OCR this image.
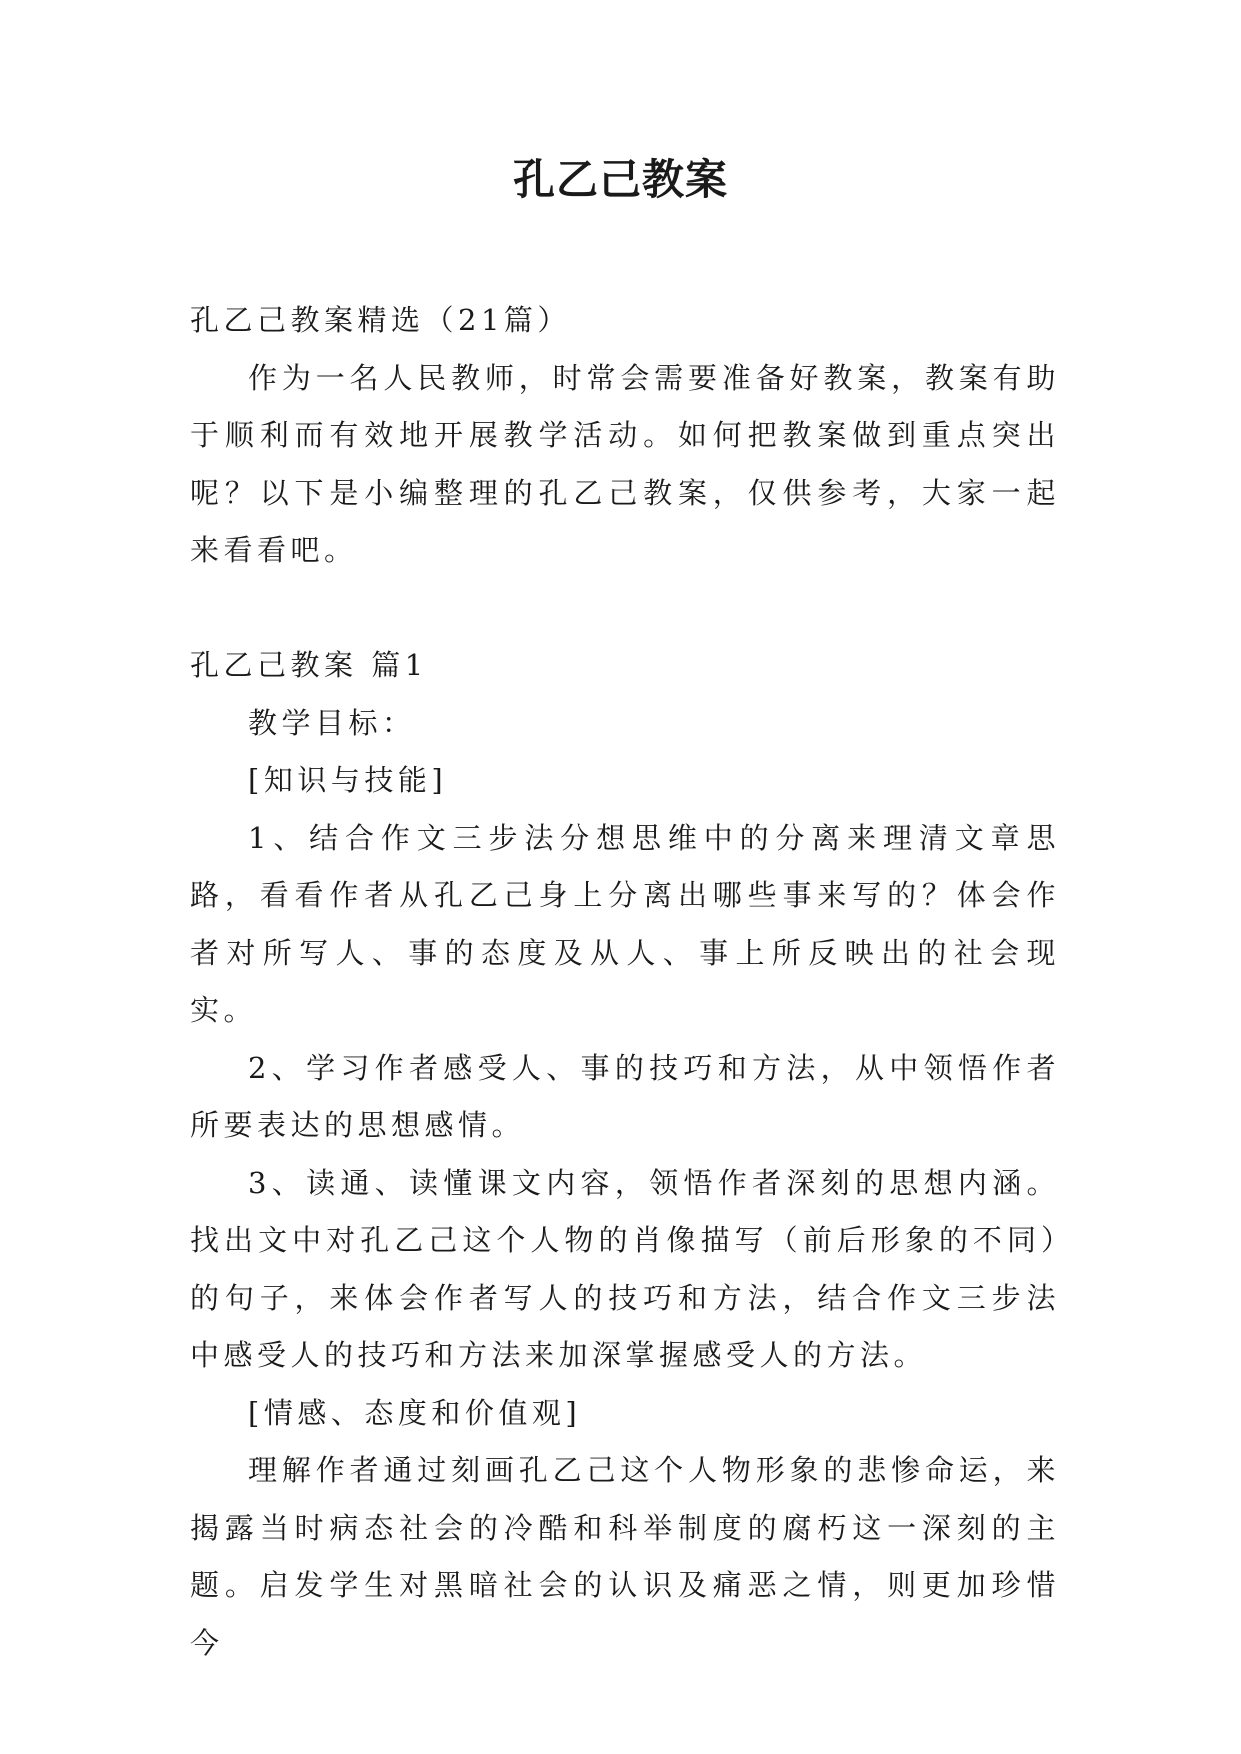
孔乙己教案

孔乙己教案精选（21篇）

作为一名人民教师，时常会需要准备好教案，教案有助于顺利而有效地开展教学活动。如何把教案做到重点突出呢？以下是小编整理的孔乙己教案，仅供参考，大家一起来看看吧。

孔乙己教案 篇1

教学目标：

[知识与技能]

1、结合作文三步法分想思维中的分离来理清文章思路，看看作者从孔乙己身上分离出哪些事来写的？体会作者对所写人、事的态度及从人、事上所反映出的社会现实。

2、学习作者感受人、事的技巧和方法，从中领悟作者所要表达的思想感情。

3、读通、读懂课文内容，领悟作者深刻的思想内涵。找出文中对孔乙己这个人物的肖像描写（前后形象的不同）的句子，来体会作者写人的技巧和方法，结合作文三步法中感受人的技巧和方法来加深掌握感受人的方法。

[情感、态度和价值观]

理解作者通过刻画孔乙己这个人物形象的悲惨命运，来揭露当时病态社会的冷酷和科举制度的腐朽这一深刻的主题。启发学生对黑暗社会的认识及痛恶之情，则更加珍惜今
